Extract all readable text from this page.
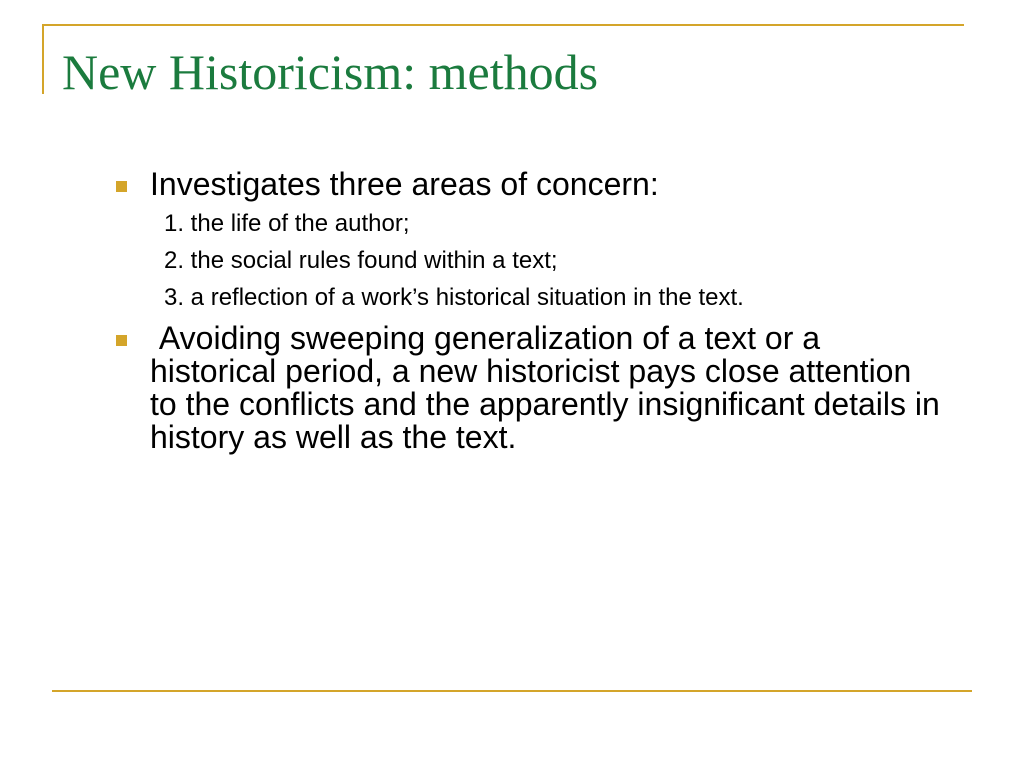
New Historicism: methods
Investigates three areas of concern:
1. the life of the author;
2. the social rules found within a text;
3. a reflection of a work’s historical situation in the text.
Avoiding sweeping generalization of a text or a historical period, a new historicist pays close attention to the conflicts and the apparently insignificant details in history as well as the text.
